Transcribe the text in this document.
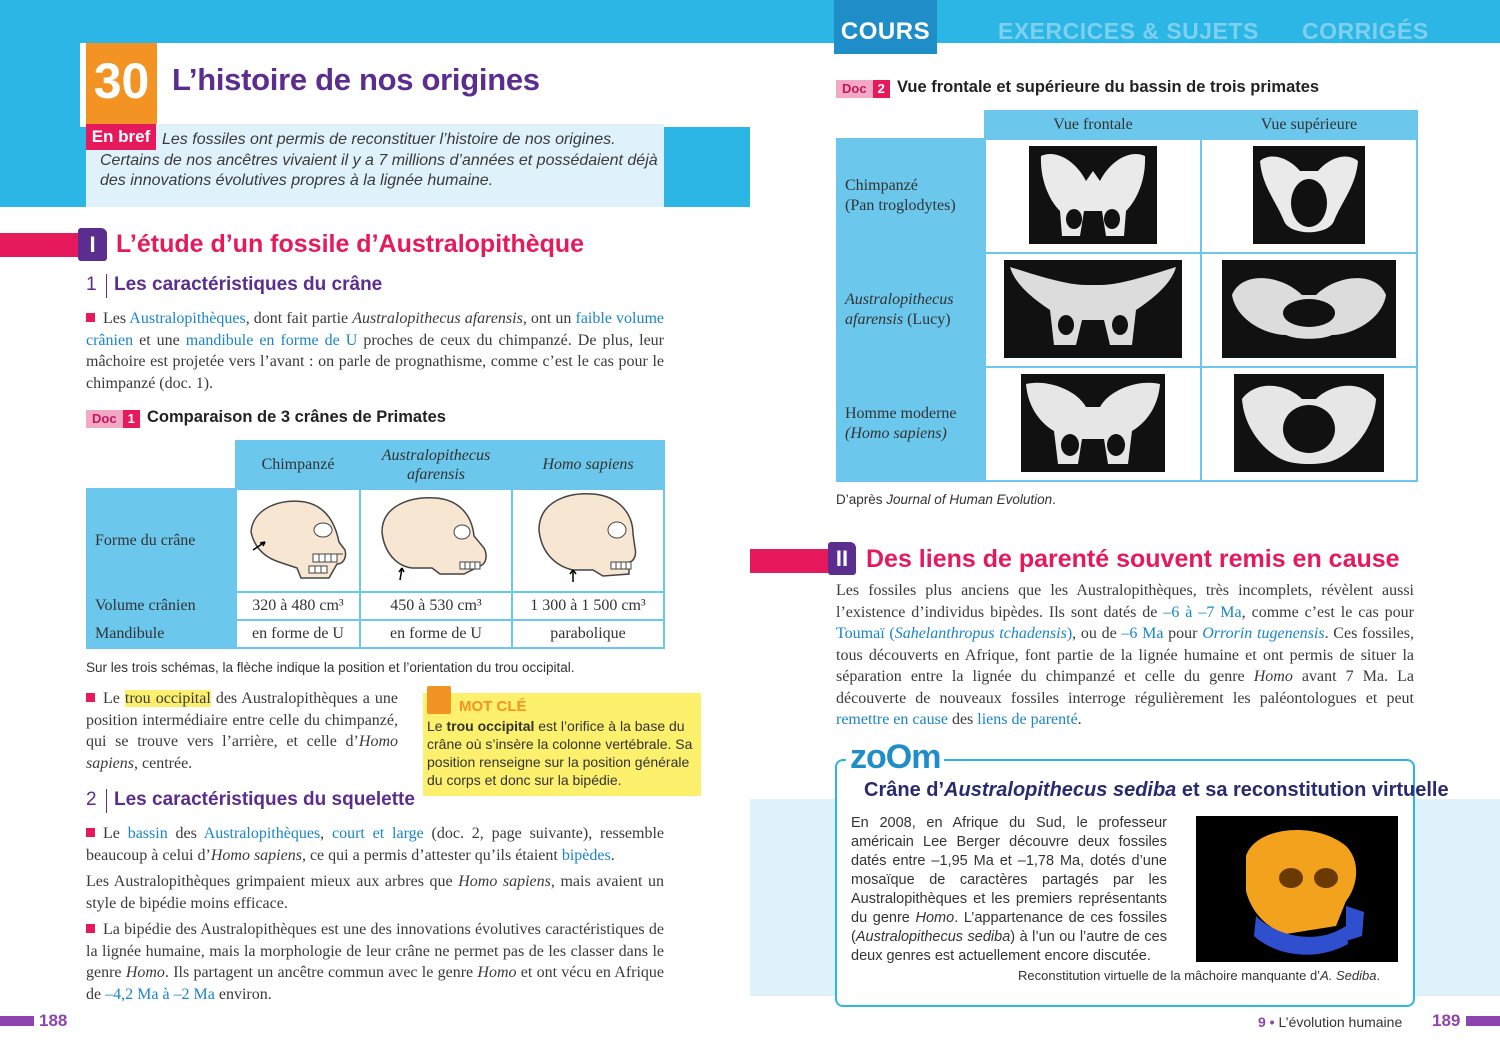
30 L’histoire de nos origines
En bref Les fossiles ont permis de reconstituer l’histoire de nos origines. Certains de nos ancêtres vivaient il y a 7 millions d’années et possédaient déjà des innovations évolutives propres à la lignée humaine.
I L’étude d’un fossile d’Australopithèque
1 Les caractéristiques du crâne

Les Australopithèques, dont fait partie Australopithecus afarensis, ont un faible volume crânien et une mandibule en forme de U proches de ceux du chimpanzé. De plus, leur mâchoire est projetée vers l’avant : on parle de prognathisme, comme c’est le cas pour le chimpanzé (doc. 1).

Doc 1 Comparaison de 3 crânes de Primates
	Chimpanzé	Australopithecus afarensis	Homo sapiens
Forme du crâne			
Volume crânien	320 à 480 cm³	450 à 530 cm³	1 300 à 1 500 cm³
Mandibule	en forme de U	en forme de U	parabolique
Sur les trois schémas, la flèche indique la position et l’orientation du trou occipital.

Le trou occipital des Australopithèques a une position intermédiaire entre celle du chimpanzé, qui se trouve vers l’arrière, et celle d’Homo sapiens, centrée.

MOT CLÉ
Le trou occipital est l’orifice à la base du crâne où s’insère la colonne vertébrale. Sa position renseigne sur la position générale du corps et donc sur la bipédie.
2 Les caractéristiques du squelette

Le bassin des Australopithèques, court et large (doc. 2, page suivante), ressemble beaucoup à celui d’Homo sapiens, ce qui a permis d’attester qu’ils étaient bipèdes.

Les Australopithèques grimpaient mieux aux arbres que Homo sapiens, mais avaient un style de bipédie moins efficace.

La bipédie des Australopithèques est une des innovations évolutives caractéristiques de la lignée humaine, mais la morphologie de leur crâne ne permet pas de les classer dans le genre Homo. Ils partagent un ancêtre commun avec le genre Homo et ont vécu en Afrique de –4,2 Ma à –2 Ma environ.

188
COURS	EXERCICES & SUJETS CORRIGÉS
Doc 2 Vue frontale et supérieure du bassin de trois primates
	Vue frontale	Vue supérieure
Chimpanzé
(Pan troglodytes)	

Australopithecus afarensis (Lucy)	

Homme moderne
(Homo sapiens)	

D’après Journal of Human Evolution.
II Des liens de parenté souvent remis en cause

Les fossiles plus anciens que les Australopithèques, très incomplets, révèlent aussi l’existence d’individus bipèdes. Ils sont datés de –6 à –7 Ma, comme c’est le cas pour Toumaï (Sahelanthropus tchadensis), ou de –6 Ma pour Orrorin tugenensis. Ces fossiles, tous découverts en Afrique, font partie de la lignée humaine et ont permis de situer la séparation entre la lignée du chimpanzé et celle du genre Homo avant 7 Ma. La découverte de nouveaux fossiles interroge régulièrement les paléontologues et peut remettre en cause des liens de parenté.

zoOm
Crâne d’Australopithecus sediba et sa reconstitution virtuelle
En 2008, en Afrique du Sud, le professeur américain Lee Berger découvre deux fossiles datés entre –1,95 Ma et –1,78 Ma, dotés d’une mosaïque de caractères partagés par les Australopithèques et les premiers représentants du genre Homo. L’appartenance de ces fossiles (Australopithecus sediba) à l’un ou l’autre de ces deux genres est actuellement encore discutée.
Reconstitution virtuelle de la mâchoire manquante d’A. Sediba.
9 • L’évolution humaine 189
